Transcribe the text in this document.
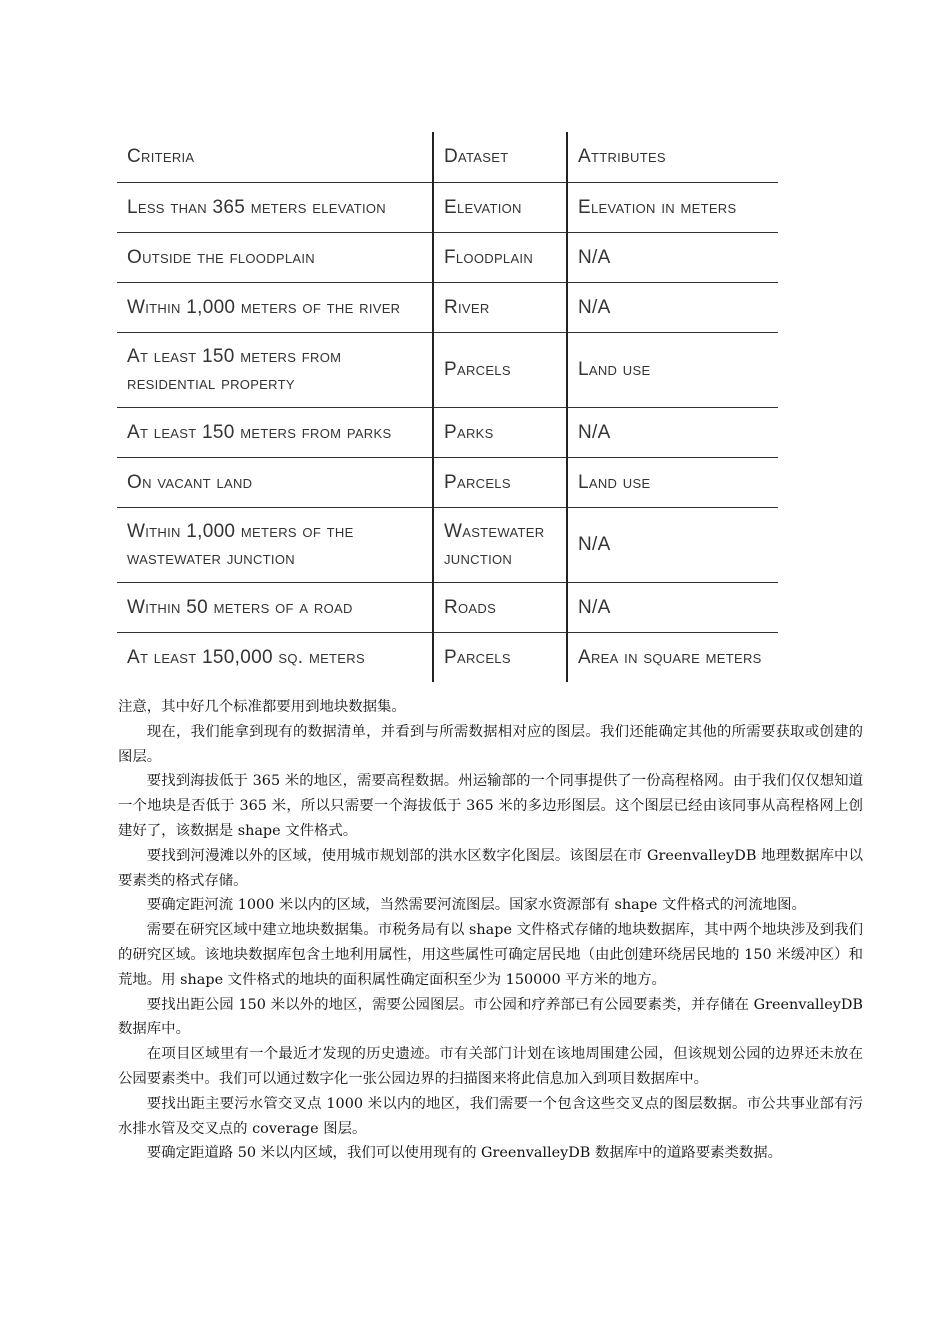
Criteria	Dataset	Attributes
Less than 365 meters elevation	Elevation	Elevation in meters
Outside the floodplain	Floodplain	N/A
Within 1,000 meters of the river	River	N/A
At least 150 meters from residential property	Parcels	Land use
At least 150 meters from parks	Parks	N/A
On vacant land	Parcels	Land use
Within 1,000 meters of the wastewater junction	Wastewater junction	N/A
Within 50 meters of a road	Roads	N/A
At least 150,000 sq. meters	Parcels	Area in square meters

注意，其中好几个标准都要用到地块数据集。

现在，我们能拿到现有的数据清单，并看到与所需数据相对应的图层。我们还能确定其他的所需要获取或创建的图层。

要找到海拔低于 365 米的地区，需要高程数据。州运输部的一个同事提供了一份高程格网。由于我们仅仅想知道一个地块是否低于 365 米，所以只需要一个海拔低于 365 米的多边形图层。这个图层已经由该同事从高程格网上创建好了，该数据是 shape 文件格式。

要找到河漫滩以外的区域，使用城市规划部的洪水区数字化图层。该图层在市 GreenvalleyDB 地理数据库中以要素类的格式存储。

要确定距河流 1000 米以内的区域，当然需要河流图层。国家水资源部有 shape 文件格式的河流地图。

需要在研究区域中建立地块数据集。市税务局有以 shape 文件格式存储的地块数据库，其中两个地块涉及到我们的研究区域。该地块数据库包含土地利用属性，用这些属性可确定居民地（由此创建环绕居民地的 150 米缓冲区）和荒地。用 shape 文件格式的地块的面积属性确定面积至少为 150000 平方米的地方。

要找出距公园 150 米以外的地区，需要公园图层。市公园和疗养部已有公园要素类，并存储在 GreenvalleyDB 数据库中。

在项目区域里有一个最近才发现的历史遗迹。市有关部门计划在该地周围建公园，但该规划公园的边界还未放在公园要素类中。我们可以通过数字化一张公园边界的扫描图来将此信息加入到项目数据库中。

要找出距主要污水管交叉点 1000 米以内的地区，我们需要一个包含这些交叉点的图层数据。市公共事业部有污水排水管及交叉点的 coverage 图层。

要确定距道路 50 米以内区域，我们可以使用现有的 GreenvalleyDB 数据库中的道路要素类数据。
